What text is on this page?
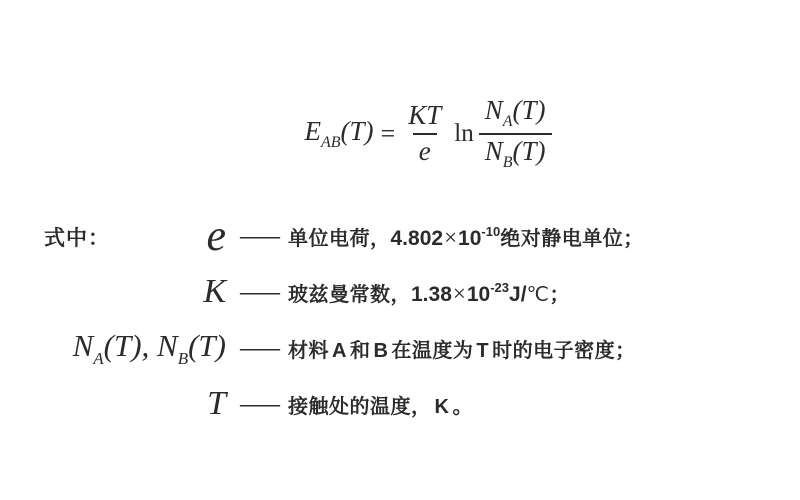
$E_{AB}(T) = \frac{KT}{e}$ $\ln \frac{N_A(T)}{N_B(T)}$
式中：	e —— 单位电荷，$4.802\times 10^{-10}$绝对静电单位；
K —— 玻兹曼常数，$1.38\times 10^{-23}J/℃$；
$N_A(T)$, $N_B(T)$ —— 材料 A 和 B 在温度为 T 时的电子密度；
T —— 接触处的温度， K 。
